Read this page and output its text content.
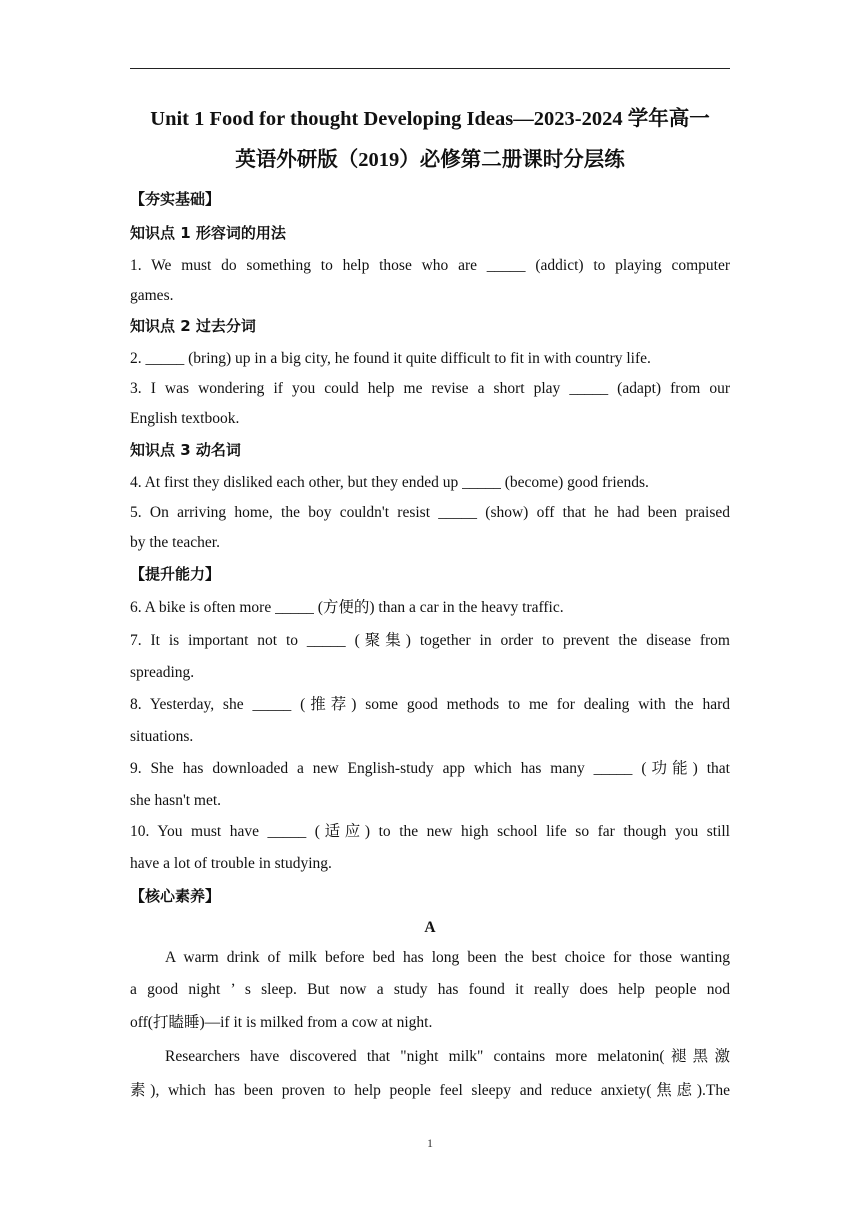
Unit 1 Food for thought Developing Ideas—2023-2024 学年高一
英语外研版（2019）必修第二册课时分层练
【夯实基础】
知识点 1 形容词的用法
1. We must do something to help those who are _____ (addict) to playing computer
games.
知识点 2 过去分词
2. _____ (bring) up in a big city, he found it quite difficult to fit in with country life.
3. I was wondering if you could help me revise a short play _____ (adapt) from our
English textbook.
知识点 3 动名词
4. At first they disliked each other, but they ended up _____ (become) good friends.
5. On arriving home, the boy couldn't resist _____ (show) off that he had been praised
by the teacher.
【提升能力】
6. A bike is often more _____ (方便的) than a car in the heavy traffic.
7. It is important not to _____ (聚集) together in order to prevent the disease from
spreading.
8. Yesterday, she _____ (推荐) some good methods to me for dealing with the hard
situations.
9. She has downloaded a new English-study app which has many _____ (功能) that
she hasn't met.
10. You must have _____ (适应) to the new high school life so far though you still
have a lot of trouble in studying.
【核心素养】
A
A warm drink of milk before bed has long been the best choice for those wanting
a good night ’ s sleep. But now a study has found it really does help people nod
off(打瞌睡)—if it is milked from a cow at night.
Researchers have discovered that "night milk" contains more melatonin(褪黑激
素), which has been proven to help people feel sleepy and reduce anxiety(焦虑).The
1
